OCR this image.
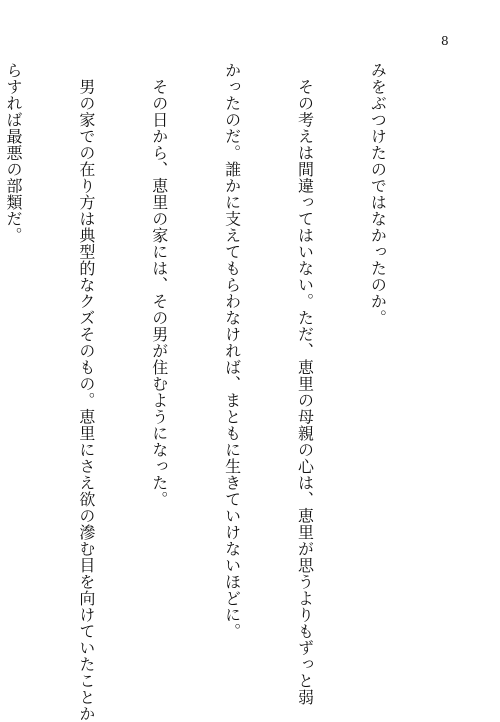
8

みをぶつけたのではなかったのか。

　その考えは間違ってはいない。ただ、恵里の母親の心は、恵里が思うよりもずっと弱

かったのだ。誰かに支えてもらわなければ、まともに生きていけないほどに。

　その日から、恵里の家には、その男が住むようになった。

　男の家での在り方は典型的なクズそのもの。恵里にさえ欲の滲む目を向けていたことか

らすれば最悪の部類だ。
